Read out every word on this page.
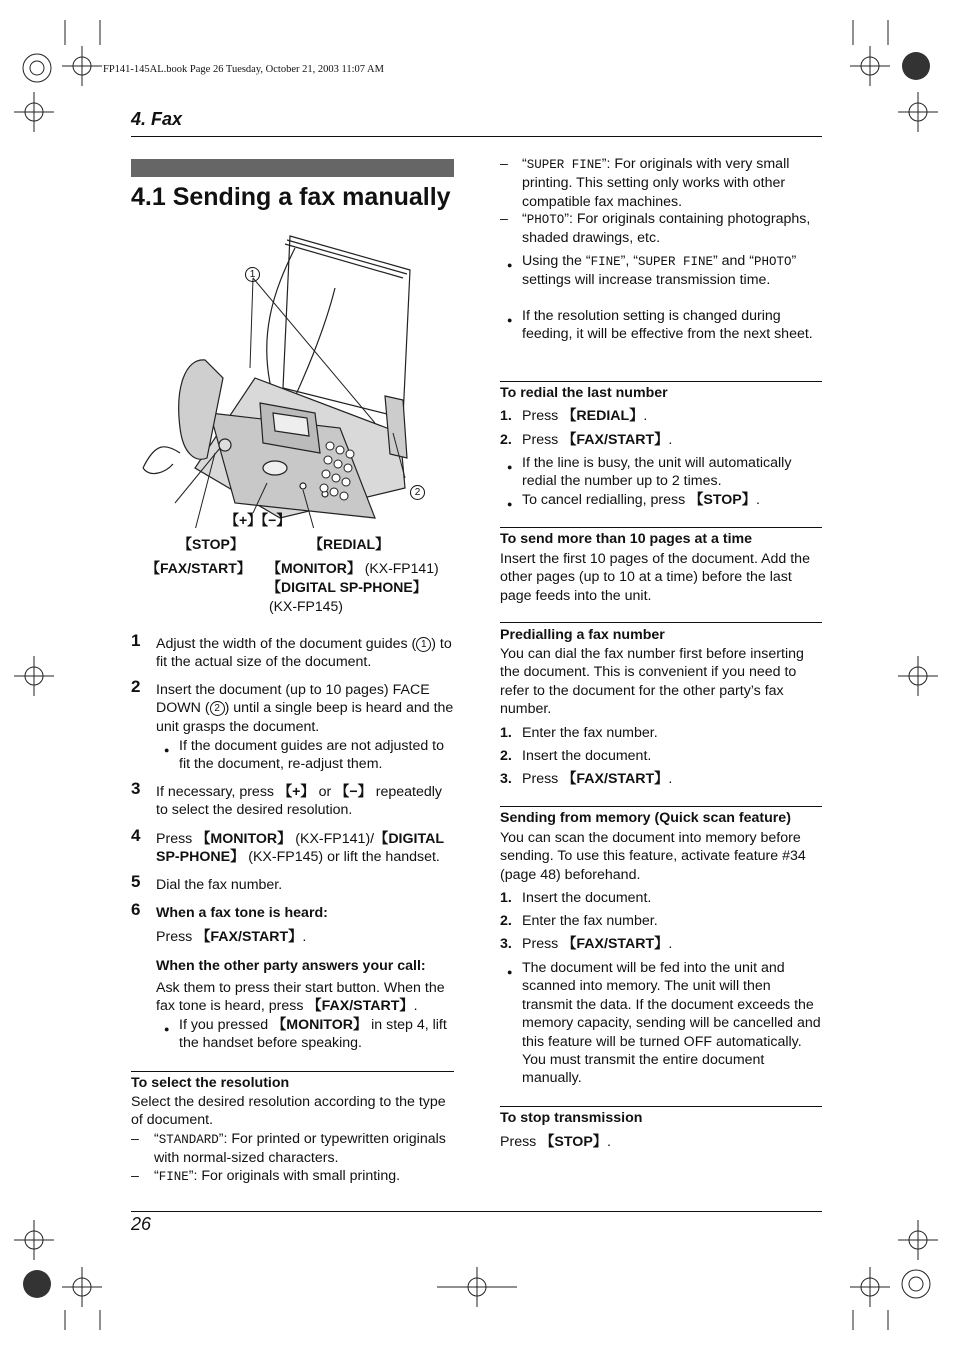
FP141-145AL.book Page 26 Tuesday, October 21, 2003 11:07 AM
4. Fax
4.1 Sending a fax manually
1
2
【+】【−】
【STOP】	【REDIAL】
【FAX/START】 【MONITOR】 (KX-FP141)
【DIGITAL SP-PHONE】
(KX-FP145)
1 Adjust the width of the document guides ( 1 ) to fit the actual size of the document.

2 Insert the document (up to 10 pages) FACE DOWN ( 2 ) until a single beep is heard and the unit grasps the document.

● If the document guides are not adjusted to fit the document, re-adjust them.

3 If necessary, press 【+】 or 【−】 repeatedly to select the desired resolution.

4 Press 【MONITOR】 (KX-FP141)/【DIGITAL SP-PHONE】 (KX-FP145) or lift the handset.

5 Dial the fax number.

6 When a fax tone is heard:

Press 【FAX/START】.

When the other party answers your call:

Ask them to press their start button. When the fax tone is heard, press 【FAX/START】.

● If you pressed 【MONITOR】 in step 4, lift the handset before speaking.

To select the resolution

Select the desired resolution according to the type of document.

– “STANDARD”: For printed or typewritten originals with normal-sized characters.

– “FINE”: For originals with small printing.

– “SUPER FINE”: For originals with very small printing. This setting only works with other compatible fax machines.

– “PHOTO”: For originals containing photographs, shaded drawings, etc.

● Using the “FINE”, “SUPER FINE” and “PHOTO” settings will increase transmission time.

● If the resolution setting is changed during feeding, it will be effective from the next sheet.

To redial the last number

1. Press 【REDIAL】.

2. Press 【FAX/START】.

● If the line is busy, the unit will automatically redial the number up to 2 times.

● To cancel redialling, press 【STOP】.

To send more than 10 pages at a time

Insert the first 10 pages of the document. Add the other pages (up to 10 at a time) before the last page feeds into the unit.

Predialling a fax number

You can dial the fax number first before inserting the document. This is convenient if you need to refer to the document for the other party’s fax number.

1. Enter the fax number.

2. Insert the document.

3. Press 【FAX/START】.

Sending from memory (Quick scan feature)

You can scan the document into memory before sending. To use this feature, activate feature #34 (page 48) beforehand.

1. Insert the document.

2. Enter the fax number.

3. Press 【FAX/START】.

● The document will be fed into the unit and scanned into memory. The unit will then transmit the data. If the document exceeds the memory capacity, sending will be cancelled and this feature will be turned OFF automatically. You must transmit the entire document manually.

To stop transmission

Press 【STOP】.

26
